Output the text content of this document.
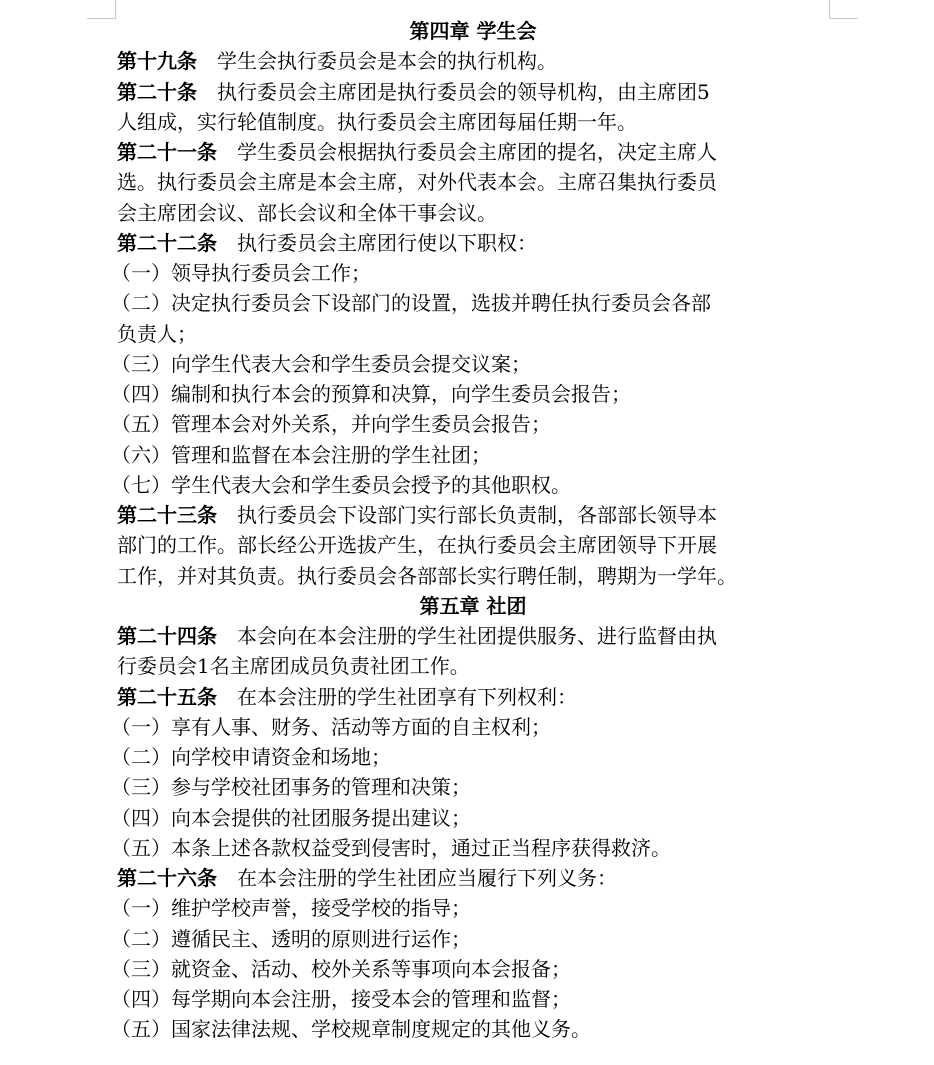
第四章 学生会
第十九条 学生会执行委员会是本会的执行机构。
第二十条 执行委员会主席团是执行委员会的领导机构，由主席团5
人组成，实行轮值制度。执行委员会主席团每届任期一年。
第二十一条 学生委员会根据执行委员会主席团的提名，决定主席人
选。执行委员会主席是本会主席，对外代表本会。主席召集执行委员
会主席团会议、部长会议和全体干事会议。
第二十二条 执行委员会主席团行使以下职权：
（一）领导执行委员会工作；
（二）决定执行委员会下设部门的设置，选拔并聘任执行委员会各部
负责人；
（三）向学生代表大会和学生委员会提交议案；
（四）编制和执行本会的预算和决算，向学生委员会报告；
（五）管理本会对外关系，并向学生委员会报告；
（六）管理和监督在本会注册的学生社团；
（七）学生代表大会和学生委员会授予的其他职权。
第二十三条 执行委员会下设部门实行部长负责制，各部部长领导本
部门的工作。部长经公开选拔产生，在执行委员会主席团领导下开展
工作，并对其负责。执行委员会各部部长实行聘任制，聘期为一学年。
第五章 社团
第二十四条 本会向在本会注册的学生社团提供服务、进行监督由执
行委员会1名主席团成员负责社团工作。
第二十五条 在本会注册的学生社团享有下列权利：
（一）享有人事、财务、活动等方面的自主权利；
（二）向学校申请资金和场地；
（三）参与学校社团事务的管理和决策；
（四）向本会提供的社团服务提出建议；
（五）本条上述各款权益受到侵害时，通过正当程序获得救济。
第二十六条 在本会注册的学生社团应当履行下列义务：
（一）维护学校声誉，接受学校的指导；
（二）遵循民主、透明的原则进行运作；
（三）就资金、活动、校外关系等事项向本会报备；
（四）每学期向本会注册，接受本会的管理和监督；
（五）国家法律法规、学校规章制度规定的其他义务。
